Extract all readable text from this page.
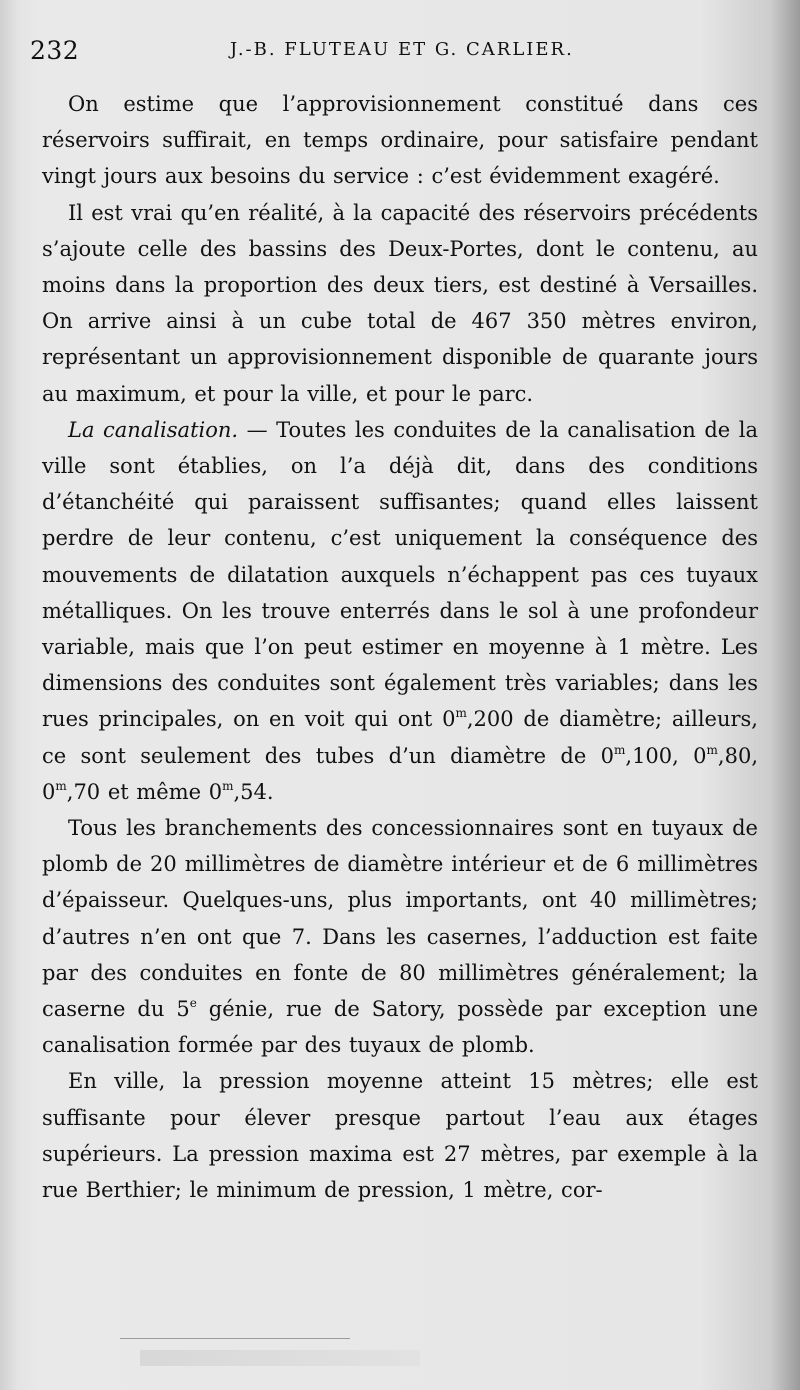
232	J.-B. FLUTEAU ET G. CARLIER.

On estime que l’approvisionnement constitué dans ces réservoirs suffirait, en temps ordinaire, pour satisfaire pendant vingt jours aux besoins du service : c’est évidemment exagéré.

Il est vrai qu’en réalité, à la capacité des réservoirs précédents s’ajoute celle des bassins des Deux-Portes, dont le contenu, au moins dans la proportion des deux tiers, est destiné à Versailles. On arrive ainsi à un cube total de 467 350 mètres environ, représentant un approvisionnement disponible de quarante jours au maximum, et pour la ville, et pour le parc.

La canalisation. — Toutes les conduites de la canalisation de la ville sont établies, on l’a déjà dit, dans des conditions d’étanchéité qui paraissent suffisantes; quand elles laissent perdre de leur contenu, c’est uniquement la conséquence des mouvements de dilatation auxquels n’échappent pas ces tuyaux métalliques. On les trouve enterrés dans le sol à une profondeur variable, mais que l’on peut estimer en moyenne à 1 mètre. Les dimensions des conduites sont également très variables; dans les rues principales, on en voit qui ont 0$^m$,200 de diamètre; ailleurs, ce sont seulement des tubes d’un diamètre de 0$^m$,100, 0$^m$,80, 0$^m$,70 et même 0$^m$,54.

Tous les branchements des concessionnaires sont en tuyaux de plomb de 20 millimètres de diamètre intérieur et de 6 millimètres d’épaisseur. Quelques-uns, plus importants, ont 40 millimètres; d’autres n’en ont que 7. Dans les casernes, l’adduction est faite par des conduites en fonte de 80 millimètres généralement; la caserne du 5e génie, rue de Satory, possède par exception une canalisation formée par des tuyaux de plomb.

En ville, la pression moyenne atteint 15 mètres; elle est suffisante pour élever presque partout l’eau aux étages supérieurs. La pression maxima est 27 mètres, par exemple à la rue Berthier; le minimum de pression, 1 mètre, cor-
